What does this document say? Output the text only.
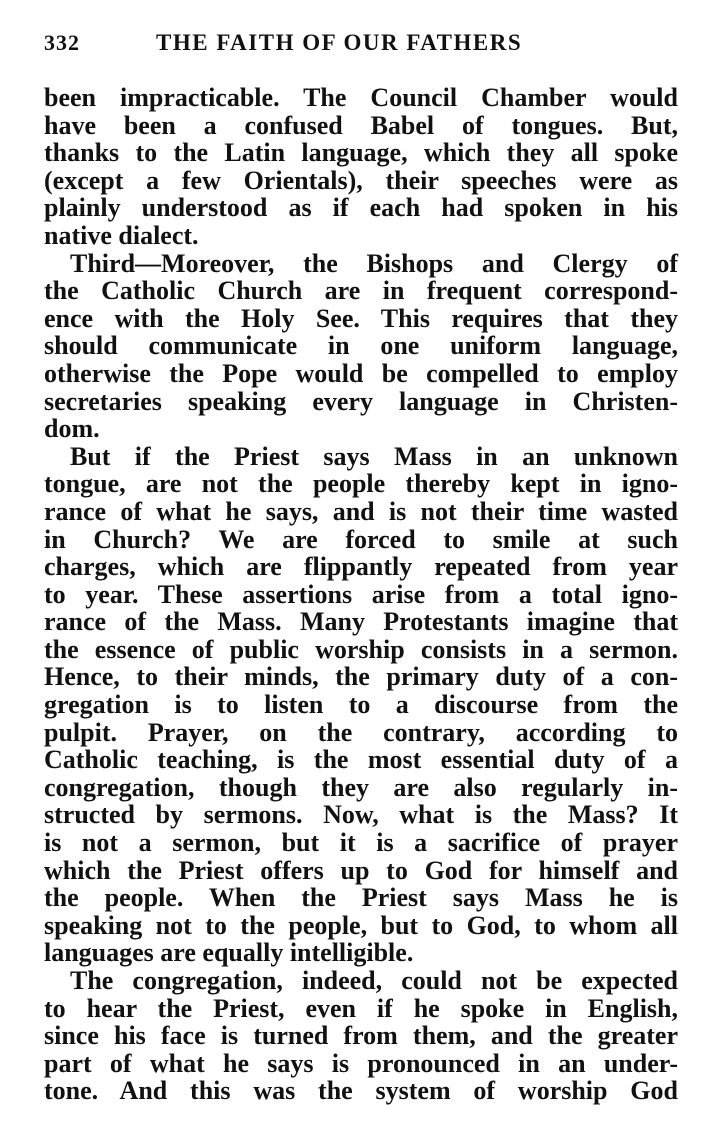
332	THE FAITH OF OUR FATHERS
been impracticable. The Council Chamber would
have been a confused Babel of tongues. But,
thanks to the Latin language, which they all spoke
(except a few Orientals), their speeches were as
plainly understood as if each had spoken in his
native dialect.
Third—Moreover, the Bishops and Clergy of
the Catholic Church are in frequent correspond-
ence with the Holy See. This requires that they
should communicate in one uniform language,
otherwise the Pope would be compelled to employ
secretaries speaking every language in Christen-
dom.
But if the Priest says Mass in an unknown
tongue, are not the people thereby kept in igno-
rance of what he says, and is not their time wasted
in Church? We are forced to smile at such
charges, which are flippantly repeated from year
to year. These assertions arise from a total igno-
rance of the Mass. Many Protestants imagine that
the essence of public worship consists in a sermon.
Hence, to their minds, the primary duty of a con-
gregation is to listen to a discourse from the
pulpit. Prayer, on the contrary, according to
Catholic teaching, is the most essential duty of a
congregation, though they are also regularly in-
structed by sermons. Now, what is the Mass? It
is not a sermon, but it is a sacrifice of prayer
which the Priest offers up to God for himself and
the people. When the Priest says Mass he is
speaking not to the people, but to God, to whom all
languages are equally intelligible.
The congregation, indeed, could not be expected
to hear the Priest, even if he spoke in English,
since his face is turned from them, and the greater
part of what he says is pronounced in an under-
tone. And this was the system of worship God
